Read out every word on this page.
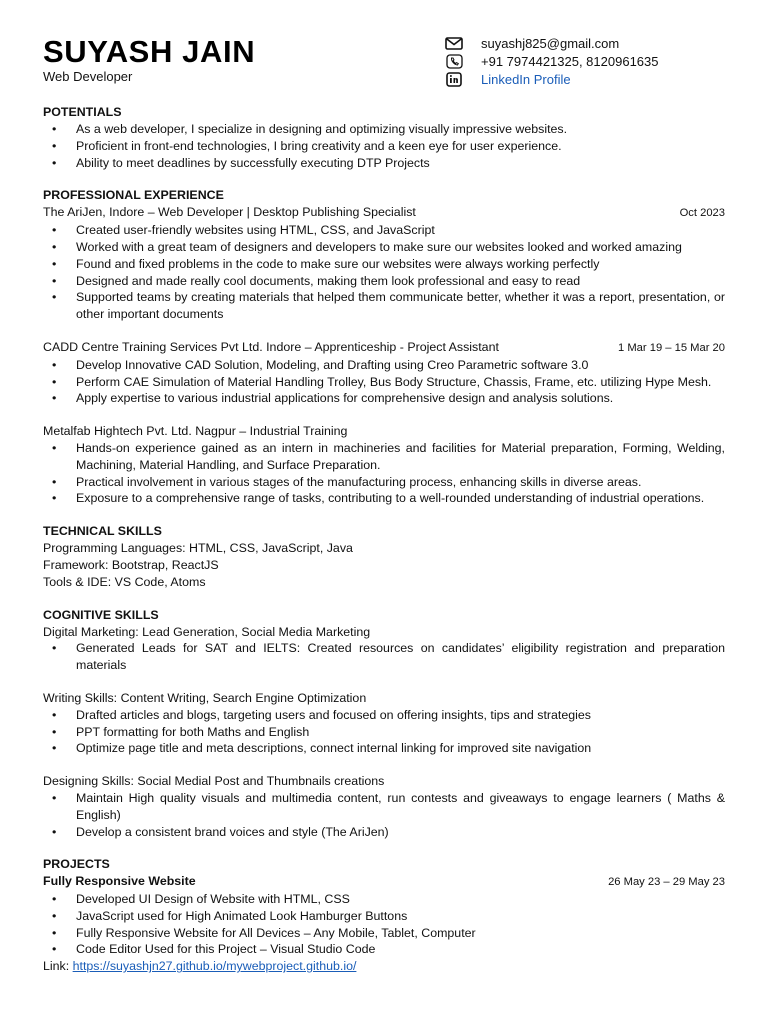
SUYASH JAIN
Web Developer
suyashj825@gmail.com
+91 7974421325, 8120961635
LinkedIn Profile
POTENTIALS
• As a web developer, I specialize in designing and optimizing visually impressive websites.
• Proficient in front-end technologies, I bring creativity and a keen eye for user experience.
• Ability to meet deadlines by successfully executing DTP Projects
PROFESSIONAL EXPERIENCE
The AriJen, Indore – Web Developer | Desktop Publishing Specialist	Oct 2023
• Created user-friendly websites using HTML, CSS, and JavaScript
• Worked with a great team of designers and developers to make sure our websites looked and worked amazing
• Found and fixed problems in the code to make sure our websites were always working perfectly
• Designed and made really cool documents, making them look professional and easy to read
• Supported teams by creating materials that helped them communicate better, whether it was a report, presentation, or other important documents
CADD Centre Training Services Pvt Ltd. Indore – Apprenticeship - Project Assistant	1 Mar 19 – 15 Mar 20
• Develop Innovative CAD Solution, Modeling, and Drafting using Creo Parametric software 3.0
• Perform CAE Simulation of Material Handling Trolley, Bus Body Structure, Chassis, Frame, etc. utilizing Hype Mesh.
• Apply expertise to various industrial applications for comprehensive design and analysis solutions.
Metalfab Hightech Pvt. Ltd. Nagpur – Industrial Training
• Hands-on experience gained as an intern in machineries and facilities for Material preparation, Forming, Welding, Machining, Material Handling, and Surface Preparation.
• Practical involvement in various stages of the manufacturing process, enhancing skills in diverse areas.
• Exposure to a comprehensive range of tasks, contributing to a well-rounded understanding of industrial operations.
TECHNICAL SKILLS
Programming Languages: HTML, CSS, JavaScript, Java
Framework: Bootstrap, ReactJS
Tools & IDE: VS Code, Atoms
COGNITIVE SKILLS
Digital Marketing: Lead Generation, Social Media Marketing
• Generated Leads for SAT and IELTS: Created resources on candidates’ eligibility registration and preparation materials
Writing Skills: Content Writing, Search Engine Optimization
• Drafted articles and blogs, targeting users and focused on offering insights, tips and strategies
• PPT formatting for both Maths and English
• Optimize page title and meta descriptions, connect internal linking for improved site navigation
Designing Skills: Social Medial Post and Thumbnails creations
• Maintain High quality visuals and multimedia content, run contests and giveaways to engage learners ( Maths & English)
• Develop a consistent brand voices and style (The AriJen)
PROJECTS
Fully Responsive Website	26 May 23 – 29 May 23
• Developed UI Design of Website with HTML, CSS
• JavaScript used for High Animated Look Hamburger Buttons
• Fully Responsive Website for All Devices – Any Mobile, Tablet, Computer
• Code Editor Used for this Project – Visual Studio Code
Link: https://suyashjn27.github.io/mywebproject.github.io/
